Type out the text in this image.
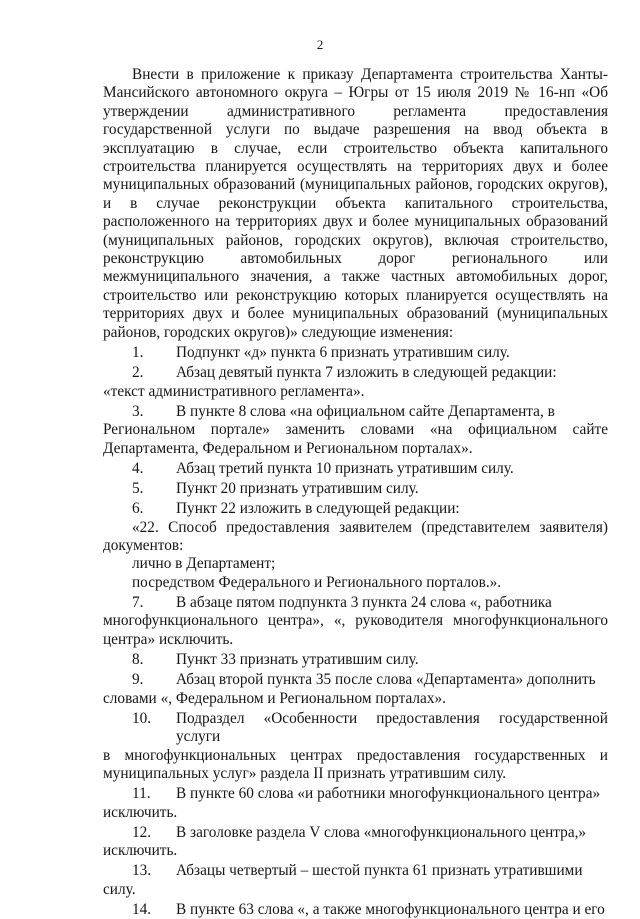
2

Внести в приложение к приказу Департамента строительства Ханты-Мансийского автономного округа – Югры от 15 июля 2019 № 16-нп «Об утверждении административного регламента предоставления государственной услуги по выдаче разрешения на ввод объекта в эксплуатацию в случае, если строительство объекта капитального строительства планируется осуществлять на территориях двух и более муниципальных образований (муниципальных районов, городских округов), и в случае реконструкции объекта капитального строительства, расположенного на территориях двух и более муниципальных образований (муниципальных районов, городских округов), включая строительство, реконструкцию автомобильных дорог регионального или межмуниципального значения, а также частных автомобильных дорог, строительство или реконструкцию которых планируется осуществлять на территориях двух и более муниципальных образований (муниципальных районов, городских округов)» следующие изменения:

1.	Подпункт «д» пункта 6 признать утратившим силу.
2.	Абзац девятый пункта 7 изложить в следующей редакции:
«текст административного регламента».
3.	В пункте 8 слова «на официальном сайте Департамента, в
Региональном портале» заменить словами «на официальном сайте Департамента, Федеральном и Региональном порталах».
4.	Абзац третий пункта 10 признать утратившим силу.
5.	Пункт 20 признать утратившим силу.
6.	Пункт 22 изложить в следующей редакции:

«22. Способ предоставления заявителем (представителем заявителя) документов:

лично в Департамент;

посредством Федерального и Регионального порталов.».

7.	В абзаце пятом подпункта 3 пункта 24 слова «, работника
многофункционального центра», «, руководителя многофункционального центра» исключить.
8.	Пункт 33 признать утратившим силу.
9.	Абзац второй пункта 35 после слова «Департамента» дополнить
словами «, Федеральном и Региональном порталах».
10.	Подраздел «Особенности предоставления государственной услуги
в многофункциональных центрах предоставления государственных и муниципальных услуг» раздела II признать утратившим силу.
11.	В пункте 60 слова «и работники многофункционального центра»
исключить.
12.	В заголовке раздела V слова «многофункционального центра,»
исключить.
13.	Абзацы четвертый – шестой пункта 61 признать утратившими
силу.
14.	В пункте 63 слова «, а также многофункционального центра и его
